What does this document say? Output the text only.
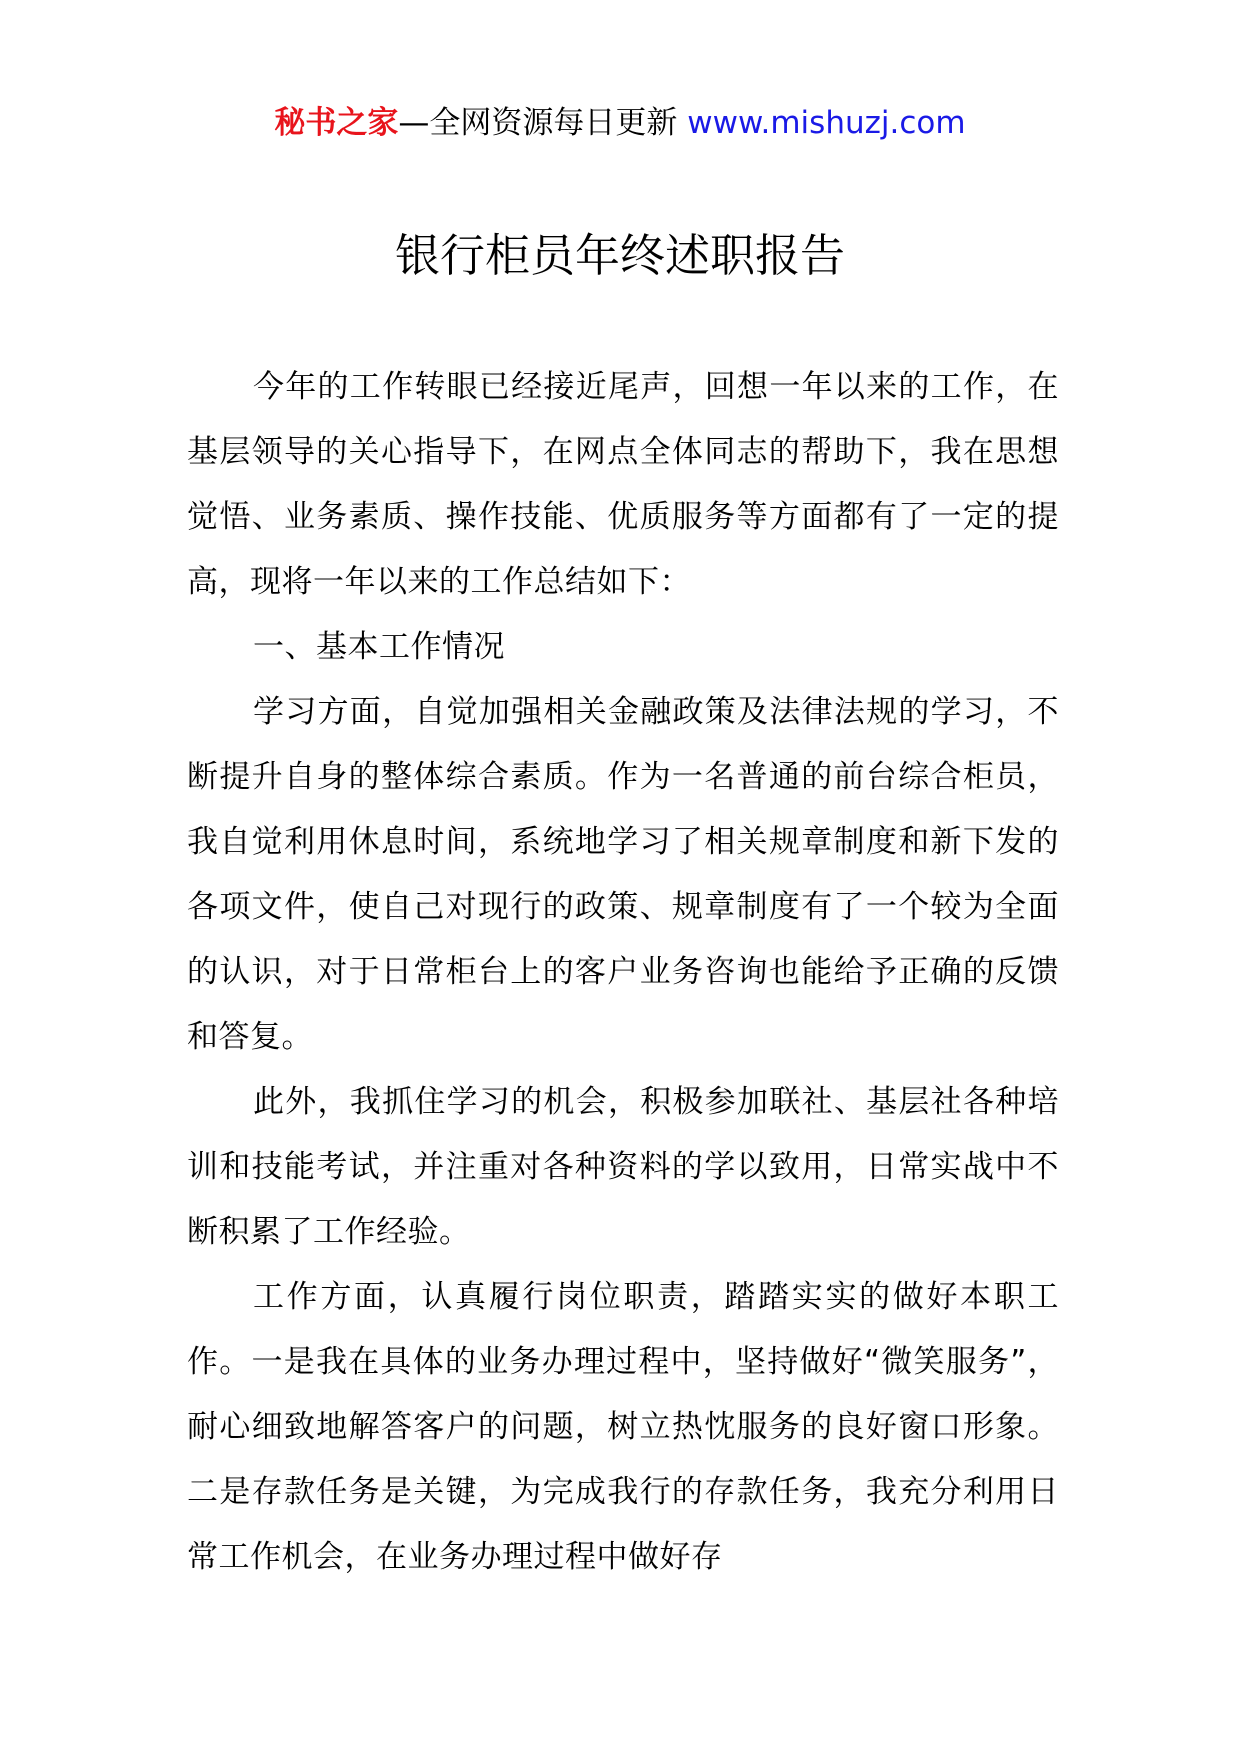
秘书之家—全网资源每日更新 www.mishuzj.com
银行柜员年终述职报告

今年的工作转眼已经接近尾声，回想一年以来的工作，在基层领导的关心指导下，在网点全体同志的帮助下，我在思想觉悟、业务素质、操作技能、优质服务等方面都有了一定的提高，现将一年以来的工作总结如下：

一、基本工作情况

学习方面，自觉加强相关金融政策及法律法规的学习，不断提升自身的整体综合素质。作为一名普通的前台综合柜员，我自觉利用休息时间，系统地学习了相关规章制度和新下发的各项文件，使自己对现行的政策、规章制度有了一个较为全面的认识，对于日常柜台上的客户业务咨询也能给予正确的反馈和答复。

此外，我抓住学习的机会，积极参加联社、基层社各种培训和技能考试，并注重对各种资料的学以致用，日常实战中不断积累了工作经验。

工作方面，认真履行岗位职责，踏踏实实的做好本职工作。一是我在具体的业务办理过程中，坚持做好“微笑服务”，耐心细致地解答客户的问题，树立热忱服务的良好窗口形象。二是存款任务是关键，为完成我行的存款任务，我充分利用日常工作机会，在业务办理过程中做好存
